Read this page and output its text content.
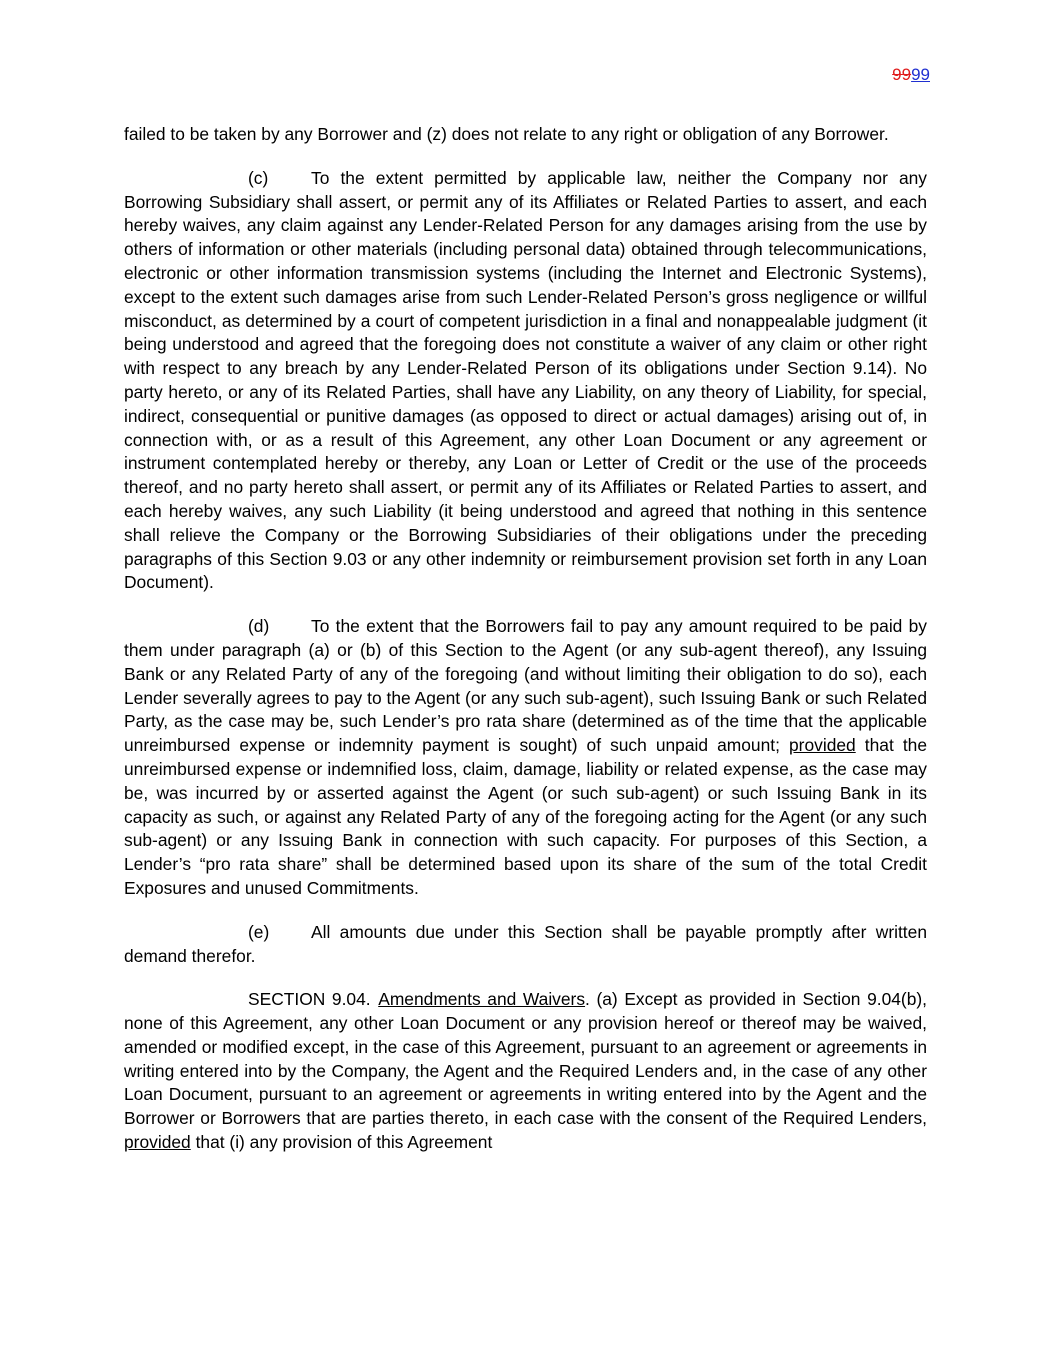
9999

failed to be taken by any Borrower and (z) does not relate to any right or obligation of any Borrower.

(c) To the extent permitted by applicable law, neither the Company nor any Borrowing Subsidiary shall assert, or permit any of its Affiliates or Related Parties to assert, and each hereby waives, any claim against any Lender-Related Person for any damages arising from the use by others of information or other materials (including personal data) obtained through telecommunications, electronic or other information transmission systems (including the Internet and Electronic Systems), except to the extent such damages arise from such Lender-Related Person’s gross negligence or willful misconduct, as determined by a court of competent jurisdiction in a final and nonappealable judgment (it being understood and agreed that the foregoing does not constitute a waiver of any claim or other right with respect to any breach by any Lender-Related Person of its obligations under Section 9.14). No party hereto, or any of its Related Parties, shall have any Liability, on any theory of Liability, for special, indirect, consequential or punitive damages (as opposed to direct or actual damages) arising out of, in connection with, or as a result of this Agreement, any other Loan Document or any agreement or instrument contemplated hereby or thereby, any Loan or Letter of Credit or the use of the proceeds thereof, and no party hereto shall assert, or permit any of its Affiliates or Related Parties to assert, and each hereby waives, any such Liability (it being understood and agreed that nothing in this sentence shall relieve the Company or the Borrowing Subsidiaries of their obligations under the preceding paragraphs of this Section 9.03 or any other indemnity or reimbursement provision set forth in any Loan Document).

(d) To the extent that the Borrowers fail to pay any amount required to be paid by them under paragraph (a) or (b) of this Section to the Agent (or any sub-agent thereof), any Issuing Bank or any Related Party of any of the foregoing (and without limiting their obligation to do so), each Lender severally agrees to pay to the Agent (or any such sub-agent), such Issuing Bank or such Related Party, as the case may be, such Lender’s pro rata share (determined as of the time that the applicable unreimbursed expense or indemnity payment is sought) of such unpaid amount; provided that the unreimbursed expense or indemnified loss, claim, damage, liability or related expense, as the case may be, was incurred by or asserted against the Agent (or such sub-agent) or such Issuing Bank in its capacity as such, or against any Related Party of any of the foregoing acting for the Agent (or any such sub-agent) or any Issuing Bank in connection with such capacity. For purposes of this Section, a Lender’s “pro rata share” shall be determined based upon its share of the sum of the total Credit Exposures and unused Commitments.

(e) All amounts due under this Section shall be payable promptly after written demand therefor.

SECTION 9.04. Amendments and Waivers. (a) Except as provided in Section 9.04(b), none of this Agreement, any other Loan Document or any provision hereof or thereof may be waived, amended or modified except, in the case of this Agreement, pursuant to an agreement or agreements in writing entered into by the Company, the Agent and the Required Lenders and, in the case of any other Loan Document, pursuant to an agreement or agreements in writing entered into by the Agent and the Borrower or Borrowers that are parties thereto, in each case with the consent of the Required Lenders, provided that (i) any provision of this Agreement
